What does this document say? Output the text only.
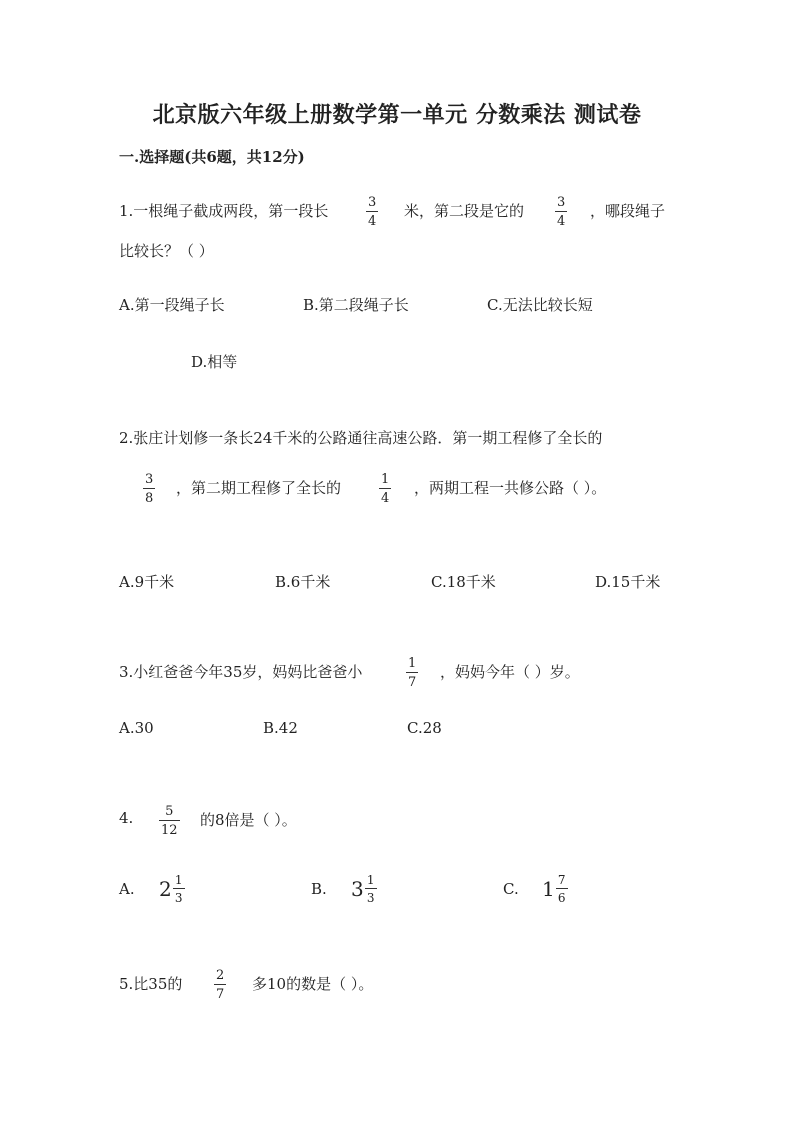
北京版六年级上册数学第一单元 分数乘法 测试卷
一.选择题(共6题，共12分)
1.一根绳子截成两段，第一段长	3
4
米，第二段是它的	3
4
，哪段绳子
比较长？（ ）
A.第一段绳子长	B.第二段绳子长	C.无法比较长短
D.相等
2.张庄计划修一条长24千米的公路通往高速公路．第一期工程修了全长的
3
8
，第二期工程修了全长的	1
4
，两期工程一共修公路（ ）。
A.9千米	B.6千米	C.18千米	D.15千米
3.小红爸爸今年35岁，妈妈比爸爸小	1
7
，妈妈今年（ ）岁。
A.30	B.42	C.28
4. 5
12
的8倍是（ ）。
A. $2 \frac{1}{3}$	B. $3 \frac{1}{3}$	C. $1 \frac{7}{6}$
5.比35的	2
7
多10的数是（ ）。
